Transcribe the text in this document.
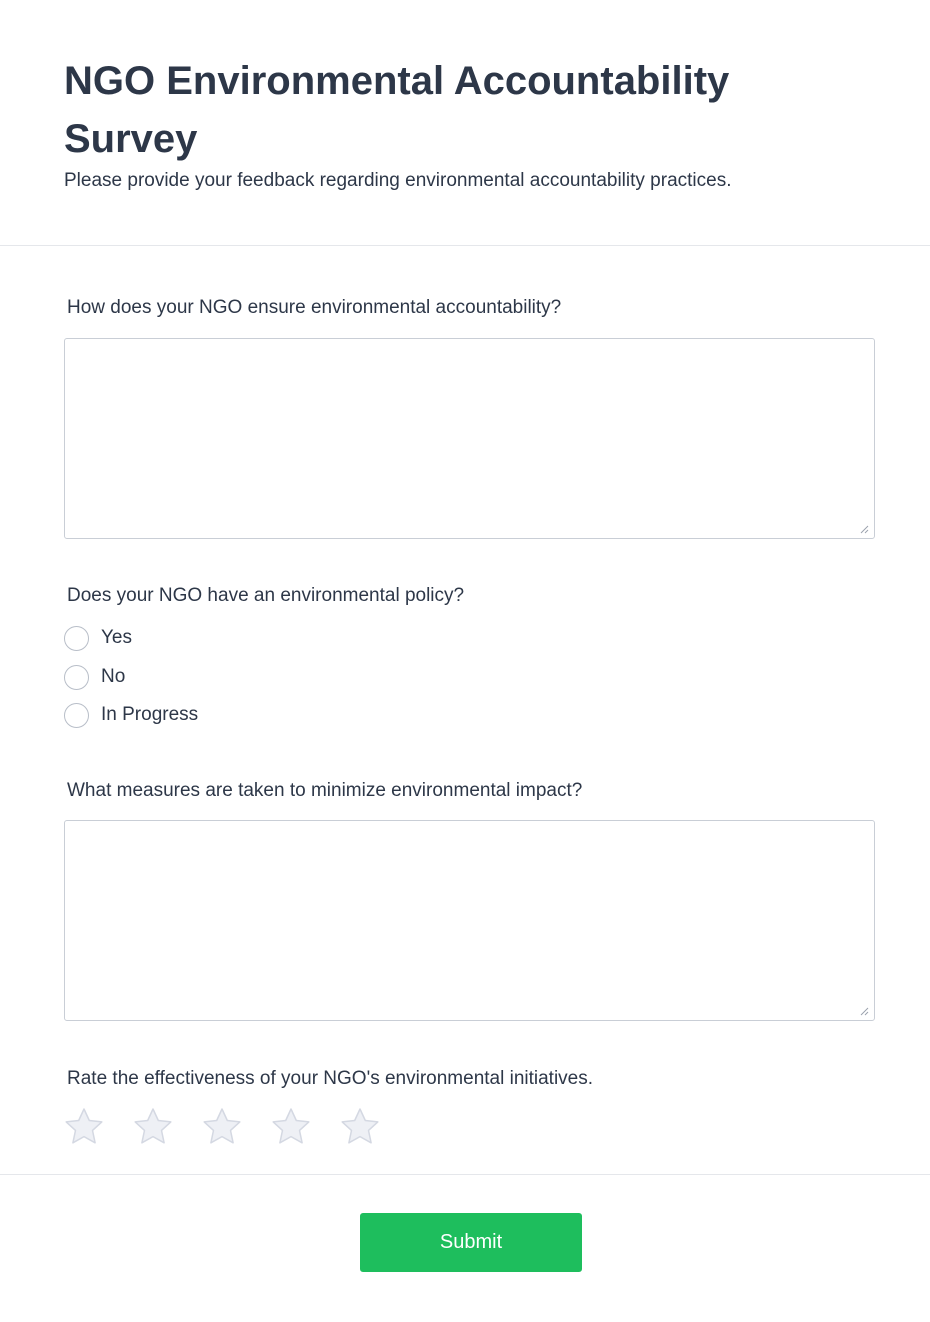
NGO Environmental Accountability Survey

Please provide your feedback regarding environmental accountability practices.

How does your NGO ensure environmental accountability?
Does your NGO have an environmental policy?
Yes
No
In Progress
What measures are taken to minimize environmental impact?
Rate the effectiveness of your NGO's environmental initiatives.
Submit
